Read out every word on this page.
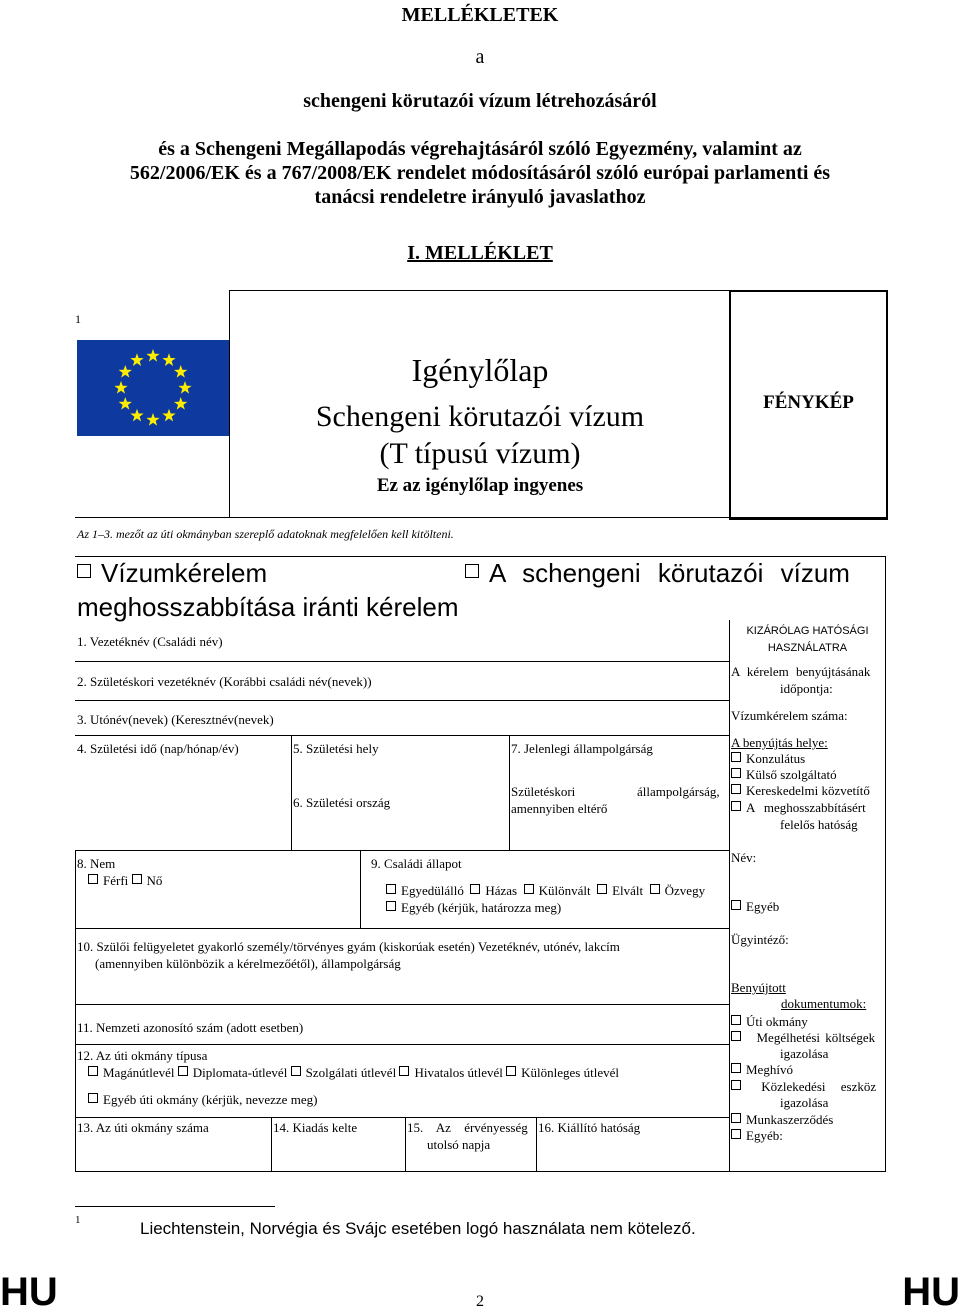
MELLÉKLETEK
a
schengeni körutazói vízum létrehozásáról
és a Schengeni Megállapodás végrehajtásáról szóló Egyezmény, valamint az
562/2006/EK és a 767/2008/EK rendelet módosításáról szóló európai parlamenti és
tanácsi rendeletre irányuló javaslathoz
I. MELLÉKLET
1
Igénylőlap
Schengeni körutazói vízum
(T típusú vízum)
Ez az igénylőlap ingyenes
FÉNYKÉP
Az 1–3. mezőt az úti okmányban szereplő adatoknak megfelelően kell kitölteni.
Vízumkérelem	A schengeni körutazói vízum
meghosszabbítása iránti kérelem
1. Vezetéknév (Családi név)
2. Születéskori vezetéknév (Korábbi családi név(nevek))
3. Utónév(nevek) (Keresztnév(nevek)
4. Születési idő (nap/hónap/év)	5. Születési hely
6. Születési ország
7. Jelenlegi állampolgárság
Születéskori	állampolgárság,
amennyiben eltérő
8. Nem
Férfi Nő
9. Családi állapot
Egyedülálló Házas Különvált Elvált Özvegy
Egyéb (kérjük, határozza meg)
10. Szülői felügyeletet gyakorló személy/törvényes gyám (kiskorúak esetén) Vezetéknév, utónév, lakcím
(amennyiben különbözik a kérelmezőétől), állampolgárság
11. Nemzeti azonosító szám (adott esetben)
12. Az úti okmány típusa
Magánútlevél Diplomata-útlevél Szolgálati útlevél Hivatalos útlevél Különleges útlevél
Egyéb úti okmány (kérjük, nevezze meg)
13. Az úti okmány száma	14. Kiadás kelte	15. Az érvényesség
utolsó napja
16. Kiállító hatóság
KIZÁRÓLAG HATÓSÁGI
HASZNÁLATRA
A kérelem benyújtásának
időpontja:
Vízumkérelem száma:
A benyújtás helye:
Konzulátus
Külső szolgáltató
Kereskedelmi közvetítő
A meghosszabbításért
felelős hatóság
Név:
Egyéb
Ügyintéző:
Benyújtott
dokumentumok:
Úti okmány
Megélhetési költségek
igazolása
Meghívó
Közlekedési eszköz
igazolása
Munkaszerződés
Egyéb:
1	Liechtenstein, Norvégia és Svájc esetében logó használata nem kötelező.
HU	2	HU
